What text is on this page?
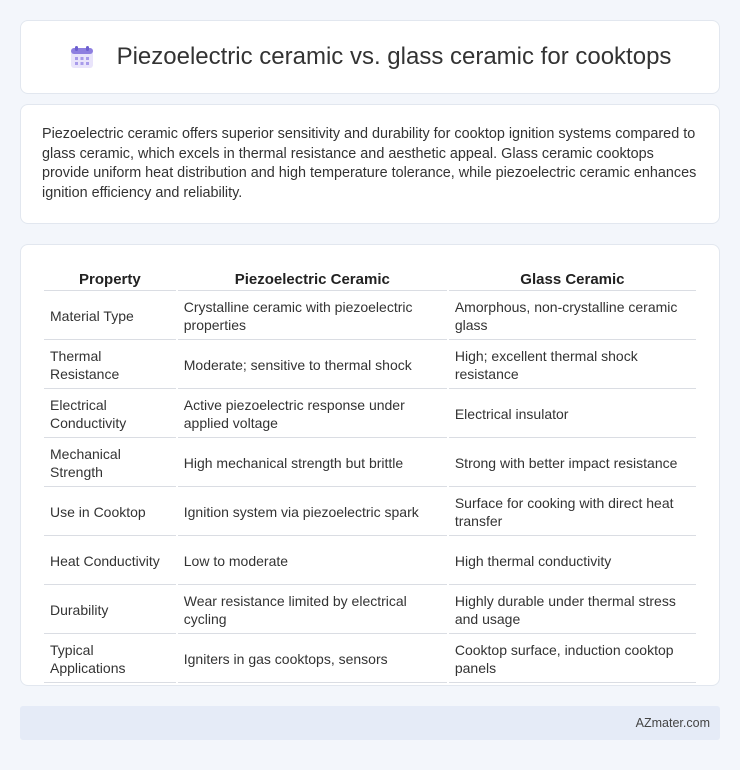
Piezoelectric ceramic vs. glass ceramic for cooktops

Piezoelectric ceramic offers superior sensitivity and durability for cooktop ignition systems compared to glass ceramic, which excels in thermal resistance and aesthetic appeal. Glass ceramic cooktops provide uniform heat distribution and high temperature tolerance, while piezoelectric ceramic enhances ignition efficiency and reliability.

Property	Piezoelectric Ceramic	Glass Ceramic
Material Type	Crystalline ceramic with piezoelectric properties	Amorphous, non-crystalline ceramic glass
Thermal Resistance	Moderate; sensitive to thermal shock	High; excellent thermal shock resistance
Electrical Conductivity	Active piezoelectric response under applied voltage	Electrical insulator
Mechanical Strength	High mechanical strength but brittle	Strong with better impact resistance
Use in Cooktop	Ignition system via piezoelectric spark	Surface for cooking with direct heat transfer
Heat Conductivity	Low to moderate	High thermal conductivity
Durability	Wear resistance limited by electrical cycling	Highly durable under thermal stress and usage
Typical Applications	Igniters in gas cooktops, sensors	Cooktop surface, induction cooktop panels
AZmater.com
